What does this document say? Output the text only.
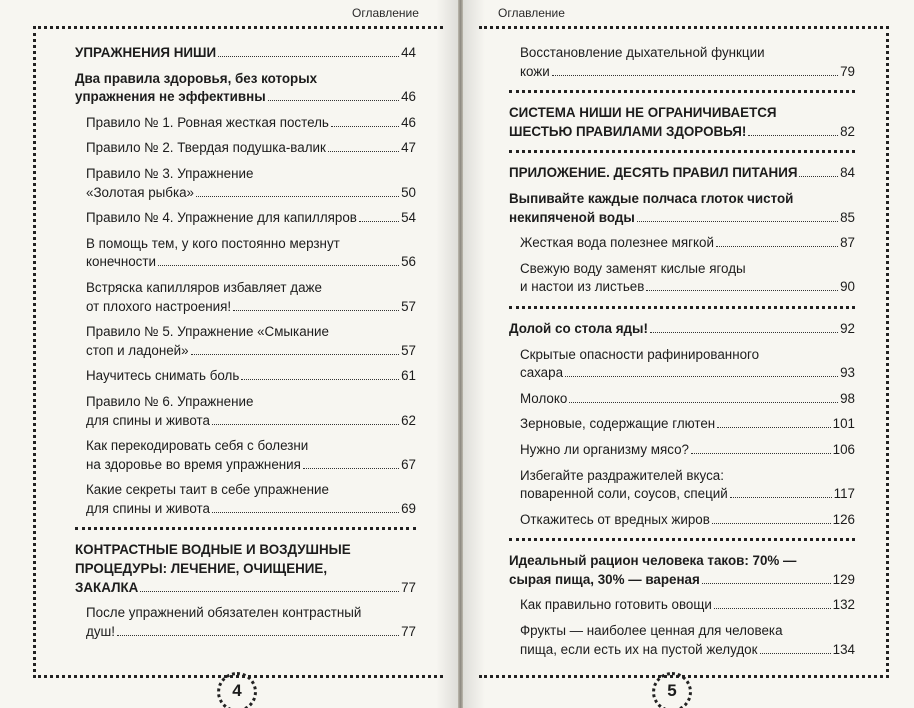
Оглавление
УПРАЖНЕНИЯ НИШИ	44
Два правила здоровья, без которых
упражнения не эффективны	46
Правило № 1. Ровная жесткая постель	46
Правило № 2. Твердая подушка-валик	47
Правило № 3. Упражнение
«Золотая рыбка»	50
Правило № 4. Упражнение для капилляров	54
В помощь тем, у кого постоянно мерзнут
конечности	56
Встряска капилляров избавляет даже
от плохого настроения!	57
Правило № 5. Упражнение «Смыкание
стоп и ладоней»	57
Научитесь снимать боль	61
Правило № 6. Упражнение
для спины и живота	62
Как перекодировать себя с болезни
на здоровье во время упражнения	67
Какие секреты таит в себе упражнение
для спины и живота	69
КОНТРАСТНЫЕ ВОДНЫЕ И ВОЗДУШНЫЕ
ПРОЦЕДУРЫ: ЛЕЧЕНИЕ, ОЧИЩЕНИЕ,
ЗАКАЛКА	77
После упражнений обязателен контрастный
душ!	77
4
Оглавление
Восстановление дыхательной функции
кожи	79
СИСТЕМА НИШИ НЕ ОГРАНИЧИВАЕТСЯ
ШЕСТЬЮ ПРАВИЛАМИ ЗДОРОВЬЯ!	82
ПРИЛОЖЕНИЕ. ДЕСЯТЬ ПРАВИЛ ПИТАНИЯ	84
Выпивайте каждые полчаса глоток чистой
некипяченой воды	85
Жесткая вода полезнее мягкой	87
Свежую воду заменят кислые ягоды
и настои из листьев	90
Долой со стола яды!	92
Скрытые опасности рафинированного
сахара	93
Молоко	98
Зерновые, содержащие глютен	101
Нужно ли организму мясо?	106
Избегайте раздражителей вкуса:
поваренной соли, соусов, специй	117
Откажитесь от вредных жиров	126
Идеальный рацион человека таков: 70% —
сырая пища, 30% — вареная	129
Как правильно готовить овощи	132
Фрукты — наиболее ценная для человека
пища, если есть их на пустой желудок	134
5
